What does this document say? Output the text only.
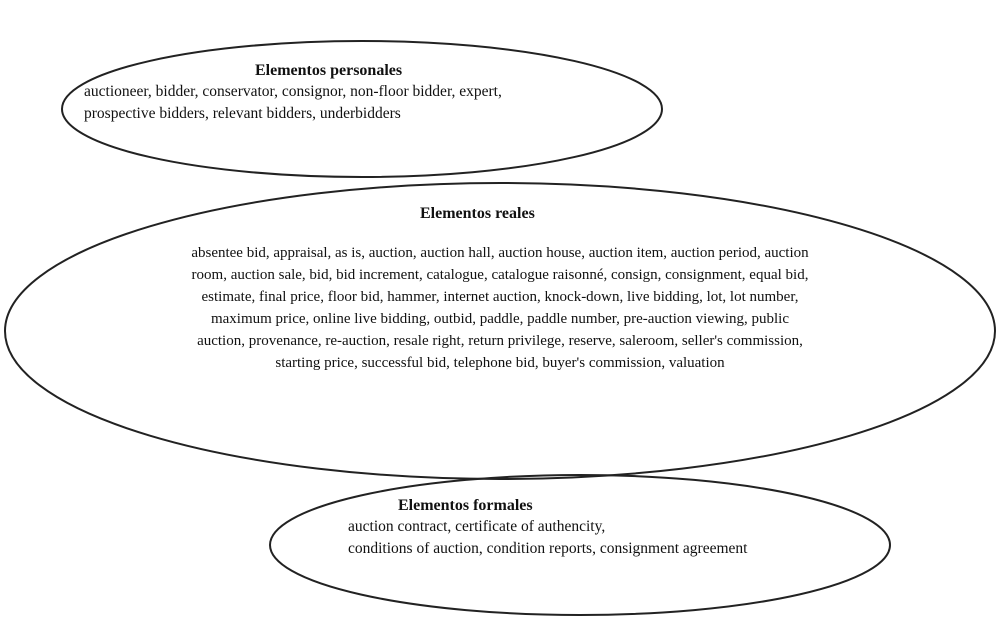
Elementos personales
auctioneer, bidder, conservator, consignor, non-floor bidder, expert,
prospective bidders, relevant bidders, underbidders
Elementos reales
absentee bid, appraisal, as is, auction, auction hall, auction house, auction item, auction period, auction
room, auction sale, bid, bid increment, catalogue, catalogue raisonné, consign, consignment, equal bid,
estimate, final price, floor bid, hammer, internet auction, knock-down, live bidding, lot, lot number,
maximum price, online live bidding, outbid, paddle, paddle number, pre-auction viewing, public
auction, provenance, re-auction, resale right, return privilege, reserve, saleroom, seller's commission,
starting price, successful bid, telephone bid, buyer's commission, valuation
Elementos formales
auction contract, certificate of authencity,
conditions of auction, condition reports, consignment agreement
